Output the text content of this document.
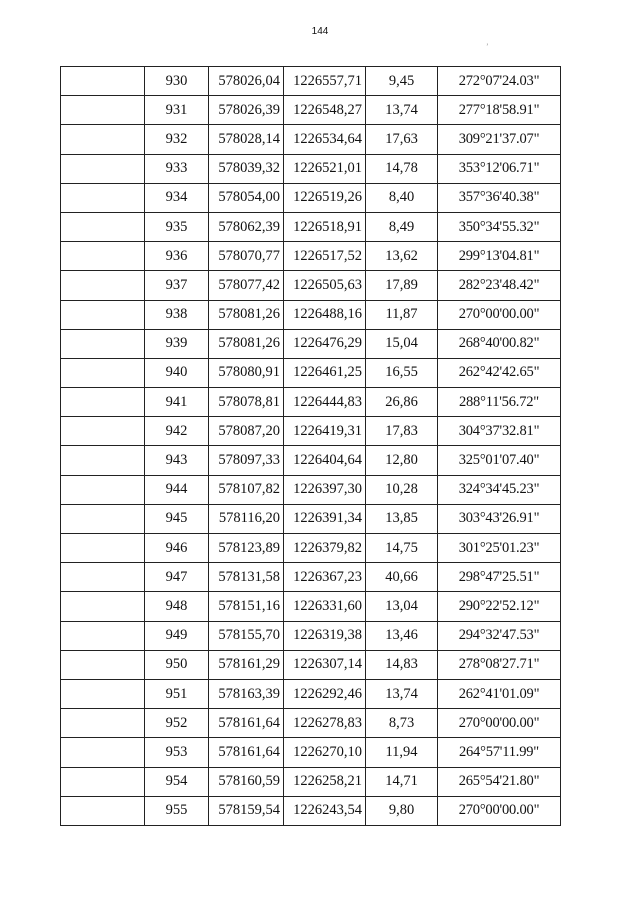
144
ʼ
	930	578026,04	1226557,71	9,45	272°07'24.03"
	931	578026,39	1226548,27	13,74	277°18'58.91"
	932	578028,14	1226534,64	17,63	309°21'37.07"
	933	578039,32	1226521,01	14,78	353°12'06.71"
	934	578054,00	1226519,26	8,40	357°36'40.38"
	935	578062,39	1226518,91	8,49	350°34'55.32"
	936	578070,77	1226517,52	13,62	299°13'04.81"
	937	578077,42	1226505,63	17,89	282°23'48.42"
	938	578081,26	1226488,16	11,87	270°00'00.00"
	939	578081,26	1226476,29	15,04	268°40'00.82"
	940	578080,91	1226461,25	16,55	262°42'42.65"
	941	578078,81	1226444,83	26,86	288°11'56.72"
	942	578087,20	1226419,31	17,83	304°37'32.81"
	943	578097,33	1226404,64	12,80	325°01'07.40"
	944	578107,82	1226397,30	10,28	324°34'45.23"
	945	578116,20	1226391,34	13,85	303°43'26.91"
	946	578123,89	1226379,82	14,75	301°25'01.23"
	947	578131,58	1226367,23	40,66	298°47'25.51"
	948	578151,16	1226331,60	13,04	290°22'52.12"
	949	578155,70	1226319,38	13,46	294°32'47.53"
	950	578161,29	1226307,14	14,83	278°08'27.71"
	951	578163,39	1226292,46	13,74	262°41'01.09"
	952	578161,64	1226278,83	8,73	270°00'00.00"
	953	578161,64	1226270,10	11,94	264°57'11.99"
	954	578160,59	1226258,21	14,71	265°54'21.80"
	955	578159,54	1226243,54	9,80	270°00'00.00"
